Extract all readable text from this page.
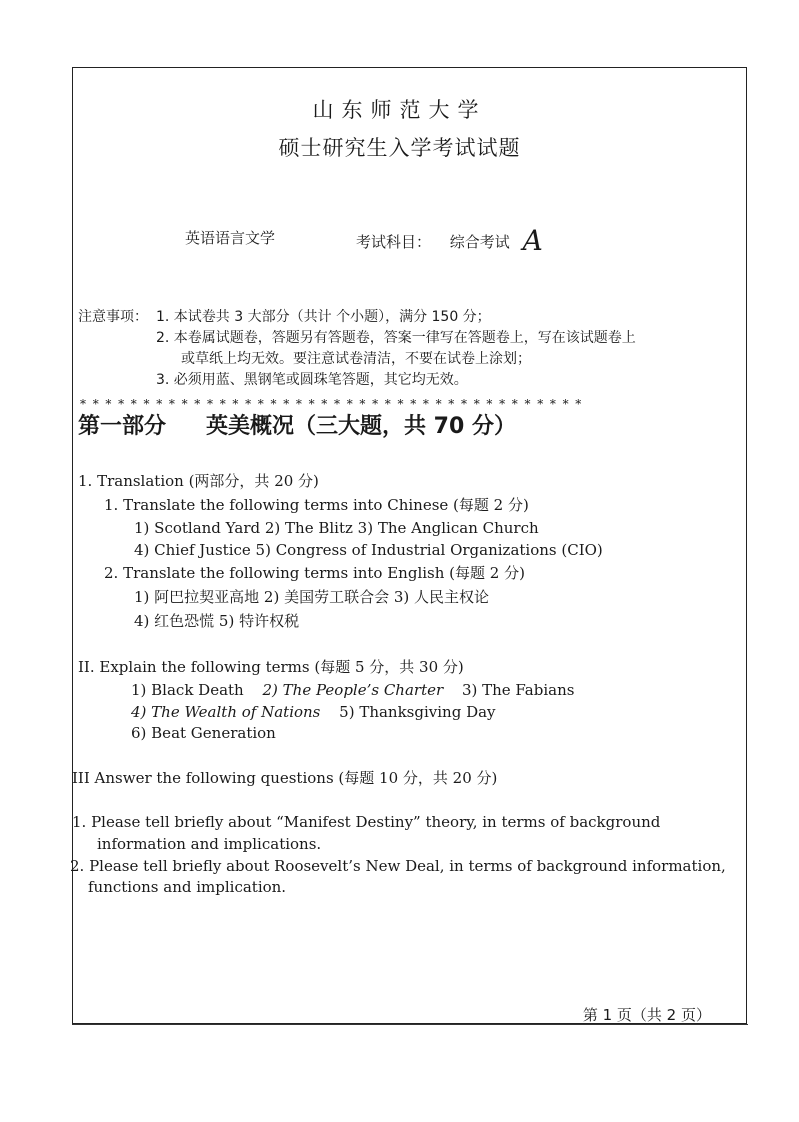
山东师范大学
硕士研究生入学考试试题
英语语言文学	考试科目： 综合考试 A
注意事项： 1. 本试卷共 3 大部分（共计 个小题），满分 150 分；
2. 本卷属试题卷，答题另有答题卷，答案一律写在答题卷上，写在该试题卷上
或草纸上均无效。要注意试卷清洁，不要在试卷上涂划；
3. 必须用蓝、黑钢笔或圆珠笔答题，其它均无效。
****************************************
第一部分 英美概况（三大题，共 70 分）
1. Translation (两部分，共 20 分)
1. Translate the following terms into Chinese (每题 2 分)
1) Scotland Yard 2) The Blitz 3) The Anglican Church
4) Chief Justice 5) Congress of Industrial Organizations (CIO)
2. Translate the following terms into English (每题 2 分)
1) 阿巴拉契亚高地 2) 美国劳工联合会 3) 人民主权论
4) 红色恐慌 5) 特许权税
II. Explain the following terms (每题 5 分，共 30 分)
1) Black Death 2) The People’s Charter 3) The Fabians
4) The Wealth of Nations 5) Thanksgiving Day
6) Beat Generation
III Answer the following questions (每题 10 分，共 20 分)
1. Please tell briefly about “Manifest Destiny” theory, in terms of background
information and implications.
2. Please tell briefly about Roosevelt’s New Deal, in terms of background information,
functions and implication.
第 1 页（共 2 页）
